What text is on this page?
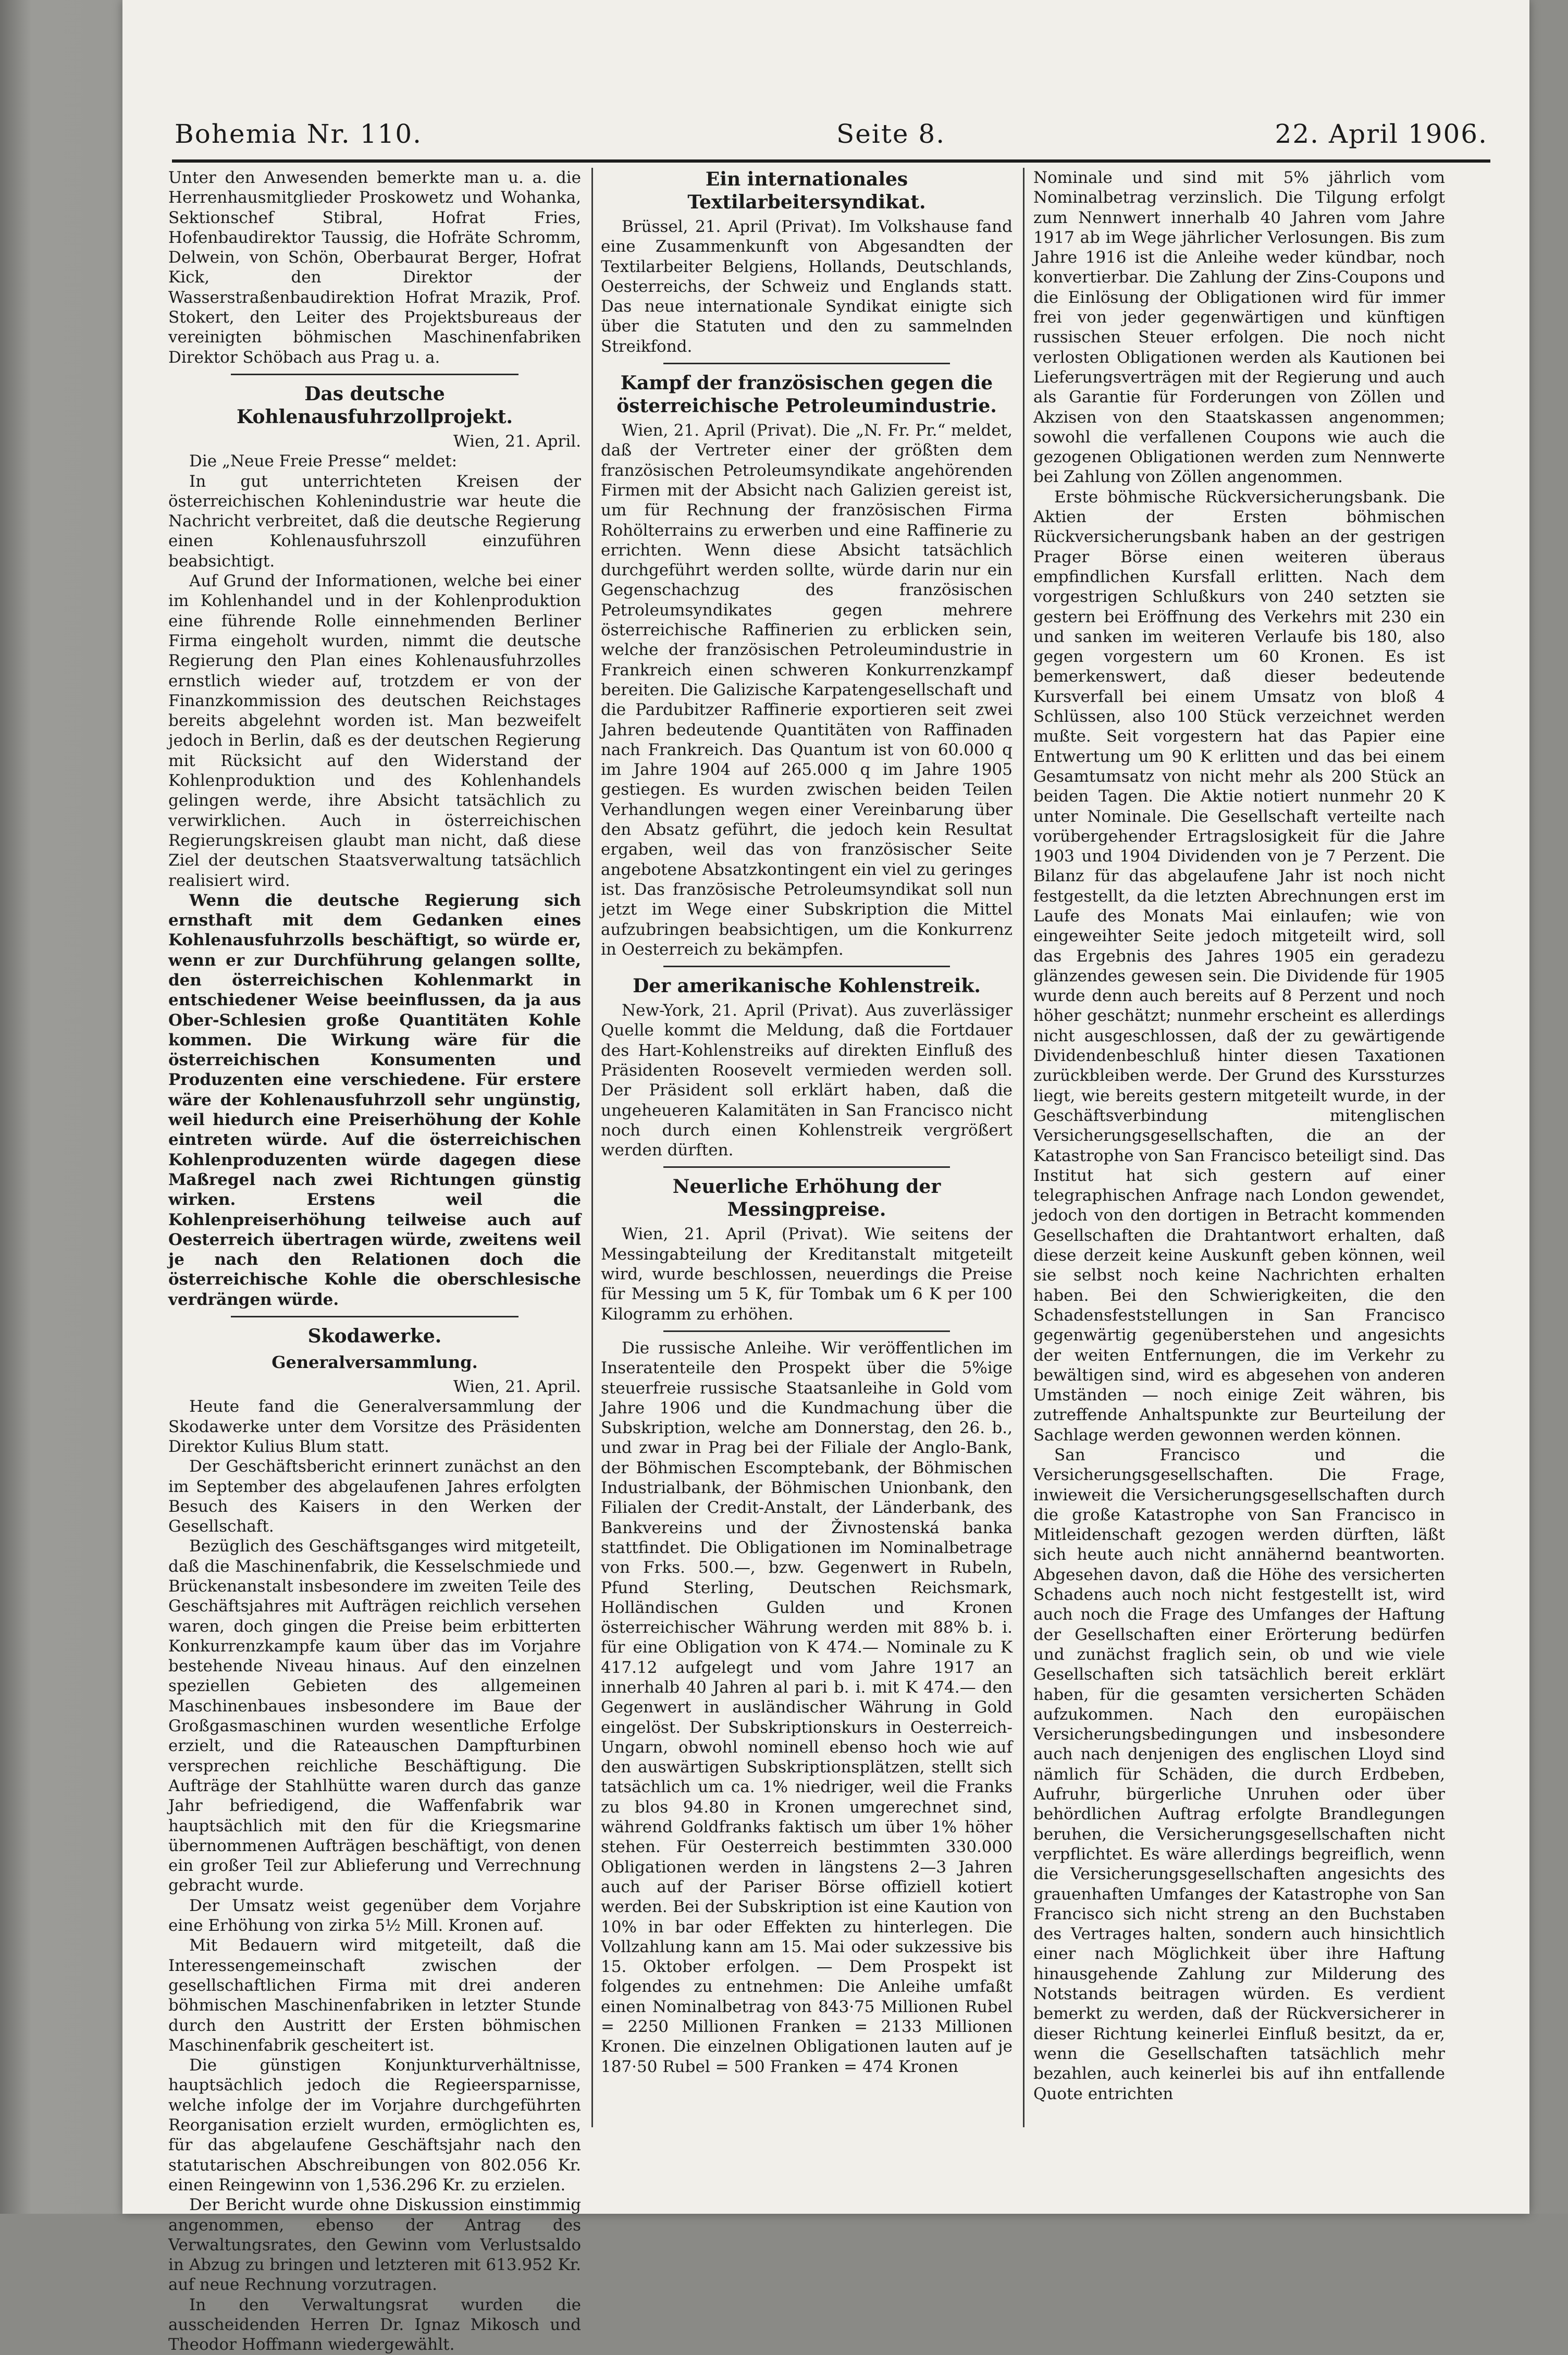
Bohemia Nr. 110.	Seite 8.	22. April 1906.

Unter den Anwesenden bemerkte man u. a. die Herrenhausmitglieder Proskowetz und Wohanka, Sektionschef Stibral, Hofrat Fries, Hofenbaudirektor Taussig, die Hofräte Schromm, Delwein, von Schön, Oberbaurat Berger, Hofrat Kick, den Direktor der Wasserstraßenbaudirektion Hofrat Mrazik, Prof. Stokert, den Leiter des Projektsbureaus der vereinigten böhmischen Maschinenfabriken Direktor Schöbach aus Prag u. a.

Das deutsche Kohlenausfuhrzollprojekt.

Wien, 21. April.

Die „Neue Freie Presse“ meldet:

In gut unterrichteten Kreisen der österreichischen Kohlenindustrie war heute die Nachricht verbreitet, daß die deutsche Regierung einen Kohlenausfuhrszoll einzuführen beabsichtigt.

Auf Grund der Informationen, welche bei einer im Kohlenhandel und in der Kohlenproduktion eine führende Rolle einnehmenden Berliner Firma eingeholt wurden, nimmt die deutsche Regierung den Plan eines Kohlenausfuhrzolles ernstlich wieder auf, trotzdem er von der Finanzkommission des deutschen Reichstages bereits abgelehnt worden ist. Man bezweifelt jedoch in Berlin, daß es der deutschen Regierung mit Rücksicht auf den Widerstand der Kohlenproduktion und des Kohlenhandels gelingen werde, ihre Absicht tatsächlich zu verwirklichen. Auch in österreichischen Regierungskreisen glaubt man nicht, daß diese Ziel der deutschen Staatsverwaltung tatsächlich realisiert wird.

Wenn die deutsche Regierung sich ernsthaft mit dem Gedanken eines Kohlenausfuhrzolls beschäftigt, so würde er, wenn er zur Durchführung gelangen sollte, den österreichischen Kohlenmarkt in entschiedener Weise beeinflussen, da ja aus Ober-Schlesien große Quantitäten Kohle kommen. Die Wirkung wäre für die österreichischen Konsumenten und Produzenten eine verschiedene. Für erstere wäre der Kohlenausfuhrzoll sehr ungünstig, weil hiedurch eine Preiserhöhung der Kohle eintreten würde. Auf die österreichischen Kohlenproduzenten würde dagegen diese Maßregel nach zwei Richtungen günstig wirken. Erstens weil die Kohlenpreiserhöhung teilweise auch auf Oesterreich übertragen würde, zweitens weil je nach den Relationen doch die österreichische Kohle die oberschlesische verdrängen würde.

Skodawerke.
Generalversammlung.

Wien, 21. April.

Heute fand die Generalversammlung der Skodawerke unter dem Vorsitze des Präsidenten Direktor Kulius Blum statt.

Der Geschäftsbericht erinnert zunächst an den im September des abgelaufenen Jahres erfolgten Besuch des Kaisers in den Werken der Gesellschaft.

Bezüglich des Geschäftsganges wird mitgeteilt, daß die Maschinenfabrik, die Kesselschmiede und Brückenanstalt insbesondere im zweiten Teile des Geschäftsjahres mit Aufträgen reichlich versehen waren, doch gingen die Preise beim erbitterten Konkurrenzkampfe kaum über das im Vorjahre bestehende Niveau hinaus. Auf den einzelnen speziellen Gebieten des allgemeinen Maschinenbaues insbesondere im Baue der Großgasmaschinen wurden wesentliche Erfolge erzielt, und die Rateauschen Dampfturbinen versprechen reichliche Beschäftigung. Die Aufträge der Stahlhütte waren durch das ganze Jahr befriedigend, die Waffenfabrik war hauptsächlich mit den für die Kriegsmarine übernommenen Aufträgen beschäftigt, von denen ein großer Teil zur Ablieferung und Verrechnung gebracht wurde.

Der Umsatz weist gegenüber dem Vorjahre eine Erhöhung von zirka 5½ Mill. Kronen auf.

Mit Bedauern wird mitgeteilt, daß die Interessengemeinschaft zwischen der gesellschaftlichen Firma mit drei anderen böhmischen Maschinenfabriken in letzter Stunde durch den Austritt der Ersten böhmischen Maschinenfabrik gescheitert ist.

Die günstigen Konjunkturverhältnisse, hauptsächlich jedoch die Regieersparnisse, welche infolge der im Vorjahre durchgeführten Reorganisation erzielt wurden, ermöglichten es, für das abgelaufene Geschäftsjahr nach den statutarischen Abschreibungen von 802.056 Kr. einen Reingewinn von 1,536.296 Kr. zu erzielen.

Der Bericht wurde ohne Diskussion einstimmig angenommen, ebenso der Antrag des Verwaltungsrates, den Gewinn vom Verlustsaldo in Abzug zu bringen und letzteren mit 613.952 Kr. auf neue Rechnung vorzutragen.

In den Verwaltungsrat wurden die ausscheidenden Herren Dr. Ignaz Mikosch und Theodor Hoffmann wiedergewählt.

Ein internationales Textilarbeitersyndikat.

Brüssel, 21. April (Privat). Im Volkshause fand eine Zusammenkunft von Abgesandten der Textilarbeiter Belgiens, Hollands, Deutschlands, Oesterreichs, der Schweiz und Englands statt. Das neue internationale Syndikat einigte sich über die Statuten und den zu sammelnden Streikfond.

Kampf der französischen gegen die österreichische Petroleumindustrie.

Wien, 21. April (Privat). Die „N. Fr. Pr.“ meldet, daß der Vertreter einer der größten dem französischen Petroleumsyndikate angehörenden Firmen mit der Absicht nach Galizien gereist ist, um für Rechnung der französischen Firma Rohölterrains zu erwerben und eine Raffinerie zu errichten. Wenn diese Absicht tatsächlich durchgeführt werden sollte, würde darin nur ein Gegenschachzug des französischen Petroleumsyndikates gegen mehrere österreichische Raffinerien zu erblicken sein, welche der französischen Petroleumindustrie in Frankreich einen schweren Konkurrenzkampf bereiten. Die Galizische Karpatengesellschaft und die Pardubitzer Raffinerie exportieren seit zwei Jahren bedeutende Quantitäten von Raffinaden nach Frankreich. Das Quantum ist von 60.000 q im Jahre 1904 auf 265.000 q im Jahre 1905 gestiegen. Es wurden zwischen beiden Teilen Verhandlungen wegen einer Vereinbarung über den Absatz geführt, die jedoch kein Resultat ergaben, weil das von französischer Seite angebotene Absatzkontingent ein viel zu geringes ist. Das französische Petroleumsyndikat soll nun jetzt im Wege einer Subskription die Mittel aufzubringen beabsichtigen, um die Konkurrenz in Oesterreich zu bekämpfen.

Der amerikanische Kohlenstreik.

New-York, 21. April (Privat). Aus zuverlässiger Quelle kommt die Meldung, daß die Fortdauer des Hart-Kohlenstreiks auf direkten Einfluß des Präsidenten Roosevelt vermieden werden soll. Der Präsident soll erklärt haben, daß die ungeheueren Kalamitäten in San Francisco nicht noch durch einen Kohlenstreik vergrößert werden dürften.

Neuerliche Erhöhung der Messingpreise.

Wien, 21. April (Privat). Wie seitens der Messingabteilung der Kreditanstalt mitgeteilt wird, wurde beschlossen, neuerdings die Preise für Messing um 5 K, für Tombak um 6 K per 100 Kilogramm zu erhöhen.

Die russische Anleihe. Wir veröffentlichen im Inseratenteile den Prospekt über die 5%ige steuerfreie russische Staatsanleihe in Gold vom Jahre 1906 und die Kundmachung über die Subskription, welche am Donnerstag, den 26. b., und zwar in Prag bei der Filiale der Anglo-Bank, der Böhmischen Escomptebank, der Böhmischen Industrialbank, der Böhmischen Unionbank, den Filialen der Credit-Anstalt, der Länderbank, des Bankvereins und der Živnostenská banka stattfindet. Die Obligationen im Nominalbetrage von Frks. 500.—, bzw. Gegenwert in Rubeln, Pfund Sterling, Deutschen Reichsmark, Holländischen Gulden und Kronen österreichischer Währung werden mit 88% b. i. für eine Obligation von K 474.— Nominale zu K 417.12 aufgelegt und vom Jahre 1917 an innerhalb 40 Jahren al pari b. i. mit K 474.— den Gegenwert in ausländischer Währung in Gold eingelöst. Der Subskriptionskurs in Oesterreich-Ungarn, obwohl nominell ebenso hoch wie auf den auswärtigen Subskriptionsplätzen, stellt sich tatsächlich um ca. 1% niedriger, weil die Franks zu blos 94.80 in Kronen umgerechnet sind, während Goldfranks faktisch um über 1% höher stehen. Für Oesterreich bestimmten 330.000 Obligationen werden in längstens 2—3 Jahren auch auf der Pariser Börse offiziell kotiert werden. Bei der Subskription ist eine Kaution von 10% in bar oder Effekten zu hinterlegen. Die Vollzahlung kann am 15. Mai oder sukzessive bis 15. Oktober erfolgen. — Dem Prospekt ist folgendes zu entnehmen: Die Anleihe umfaßt einen Nominalbetrag von 843·75 Millionen Rubel = 2250 Millionen Franken = 2133 Millionen Kronen. Die einzelnen Obligationen lauten auf je 187·50 Rubel = 500 Franken = 474 Kronen

Nominale und sind mit 5% jährlich vom Nominalbetrag verzinslich. Die Tilgung erfolgt zum Nennwert innerhalb 40 Jahren vom Jahre 1917 ab im Wege jährlicher Verlosungen. Bis zum Jahre 1916 ist die Anleihe weder kündbar, noch konvertierbar. Die Zahlung der Zins-Coupons und die Einlösung der Obligationen wird für immer frei von jeder gegenwärtigen und künftigen russischen Steuer erfolgen. Die noch nicht verlosten Obligationen werden als Kautionen bei Lieferungsverträgen mit der Regierung und auch als Garantie für Forderungen von Zöllen und Akzisen von den Staatskassen angenommen; sowohl die verfallenen Coupons wie auch die gezogenen Obligationen werden zum Nennwerte bei Zahlung von Zöllen angenommen.

Erste böhmische Rückversicherungsbank. Die Aktien der Ersten böhmischen Rückversicherungsbank haben an der gestrigen Prager Börse einen weiteren überaus empfindlichen Kursfall erlitten. Nach dem vorgestrigen Schlußkurs von 240 setzten sie gestern bei Eröffnung des Verkehrs mit 230 ein und sanken im weiteren Verlaufe bis 180, also gegen vorgestern um 60 Kronen. Es ist bemerkenswert, daß dieser bedeutende Kursverfall bei einem Umsatz von bloß 4 Schlüssen, also 100 Stück verzeichnet werden mußte. Seit vorgestern hat das Papier eine Entwertung um 90 K erlitten und das bei einem Gesamtumsatz von nicht mehr als 200 Stück an beiden Tagen. Die Aktie notiert nunmehr 20 K unter Nominale. Die Gesellschaft verteilte nach vorübergehender Ertragslosigkeit für die Jahre 1903 und 1904 Dividenden von je 7 Perzent. Die Bilanz für das abgelaufene Jahr ist noch nicht festgestellt, da die letzten Abrechnungen erst im Laufe des Monats Mai einlaufen; wie von eingeweihter Seite jedoch mitgeteilt wird, soll das Ergebnis des Jahres 1905 ein geradezu glänzendes gewesen sein. Die Dividende für 1905 wurde denn auch bereits auf 8 Perzent und noch höher geschätzt; nunmehr erscheint es allerdings nicht ausgeschlossen, daß der zu gewärtigende Dividendenbeschluß hinter diesen Taxationen zurückbleiben werde. Der Grund des Kurssturzes liegt, wie bereits gestern mitgeteilt wurde, in der Geschäftsverbindung mitenglischen Versicherungsgesellschaften, die an der Katastrophe von San Francisco beteiligt sind. Das Institut hat sich gestern auf einer telegraphischen Anfrage nach London gewendet, jedoch von den dortigen in Betracht kommenden Gesellschaften die Drahtantwort erhalten, daß diese derzeit keine Auskunft geben können, weil sie selbst noch keine Nachrichten erhalten haben. Bei den Schwierigkeiten, die den Schadensfeststellungen in San Francisco gegenwärtig gegenüberstehen und angesichts der weiten Entfernungen, die im Verkehr zu bewältigen sind, wird es abgesehen von anderen Umständen — noch einige Zeit währen, bis zutreffende Anhaltspunkte zur Beurteilung der Sachlage werden gewonnen werden können.

San Francisco und die Versicherungsgesellschaften. Die Frage, inwieweit die Versicherungsgesellschaften durch die große Katastrophe von San Francisco in Mitleidenschaft gezogen werden dürften, läßt sich heute auch nicht annähernd beantworten. Abgesehen davon, daß die Höhe des versicherten Schadens auch noch nicht festgestellt ist, wird auch noch die Frage des Umfanges der Haftung der Gesellschaften einer Erörterung bedürfen und zunächst fraglich sein, ob und wie viele Gesellschaften sich tatsächlich bereit erklärt haben, für die gesamten versicherten Schäden aufzukommen. Nach den europäischen Versicherungsbedingungen und insbesondere auch nach denjenigen des englischen Lloyd sind nämlich für Schäden, die durch Erdbeben, Aufruhr, bürgerliche Unruhen oder über behördlichen Auftrag erfolgte Brandlegungen beruhen, die Versicherungsgesellschaften nicht verpflichtet. Es wäre allerdings begreiflich, wenn die Versicherungsgesellschaften angesichts des grauenhaften Umfanges der Katastrophe von San Francisco sich nicht streng an den Buchstaben des Vertrages halten, sondern auch hinsichtlich einer nach Möglichkeit über ihre Haftung hinausgehende Zahlung zur Milderung des Notstands beitragen würden. Es verdient bemerkt zu werden, daß der Rückversicherer in dieser Richtung keinerlei Einfluß besitzt, da er, wenn die Gesellschaften tatsächlich mehr bezahlen, auch keinerlei bis auf ihn entfallende Quote entrichten
